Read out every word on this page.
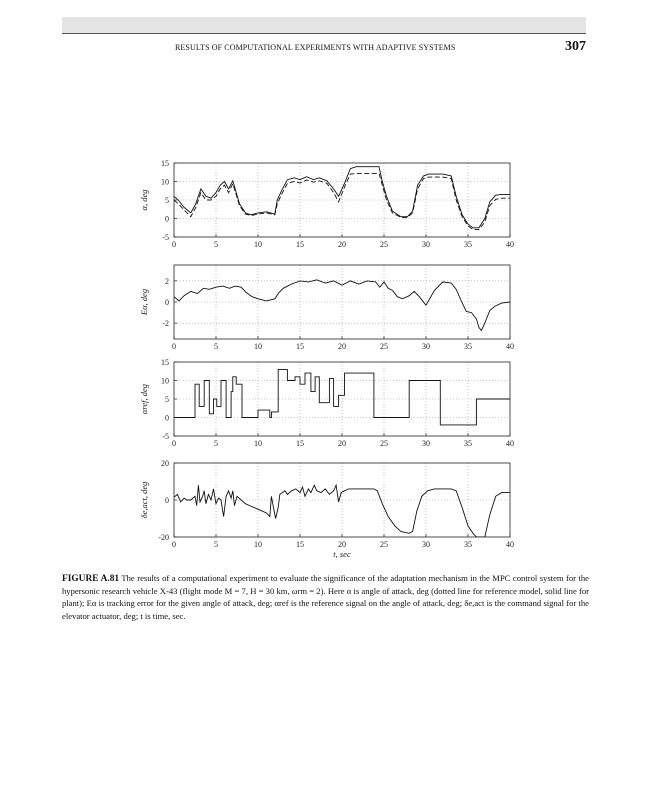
RESULTS OF COMPUTATIONAL EXPERIMENTS WITH ADAPTIVE SYSTEMS	307
0	5	10	15	20	25	30	35	40
15
10
5
0
-5
α, deg
0	5	10	15	20	25	30	35	40
2
0
-2
Eα, deg
0	5	10	15	20	25	30	35	40
15
10
5
0
-5
αref, deg
0	5	10	15	20	25	30	35	40
20
0
-20
δe,act, deg
t, sec
FIGURE A.81 The results of a computational experiment to evaluate the significance of the adaptation mechanism in the MPC control system for the hypersonic research vehicle X-43 (flight mode M = 7, H = 30 km, ωrm = 2). Here α is angle of attack, deg (dotted line for reference model, solid line for plant); Eα is tracking error for the given angle of attack, deg; αref is the reference signal on the angle of attack, deg; δe,act is the command signal for the elevator actuator, deg; t is time, sec.
